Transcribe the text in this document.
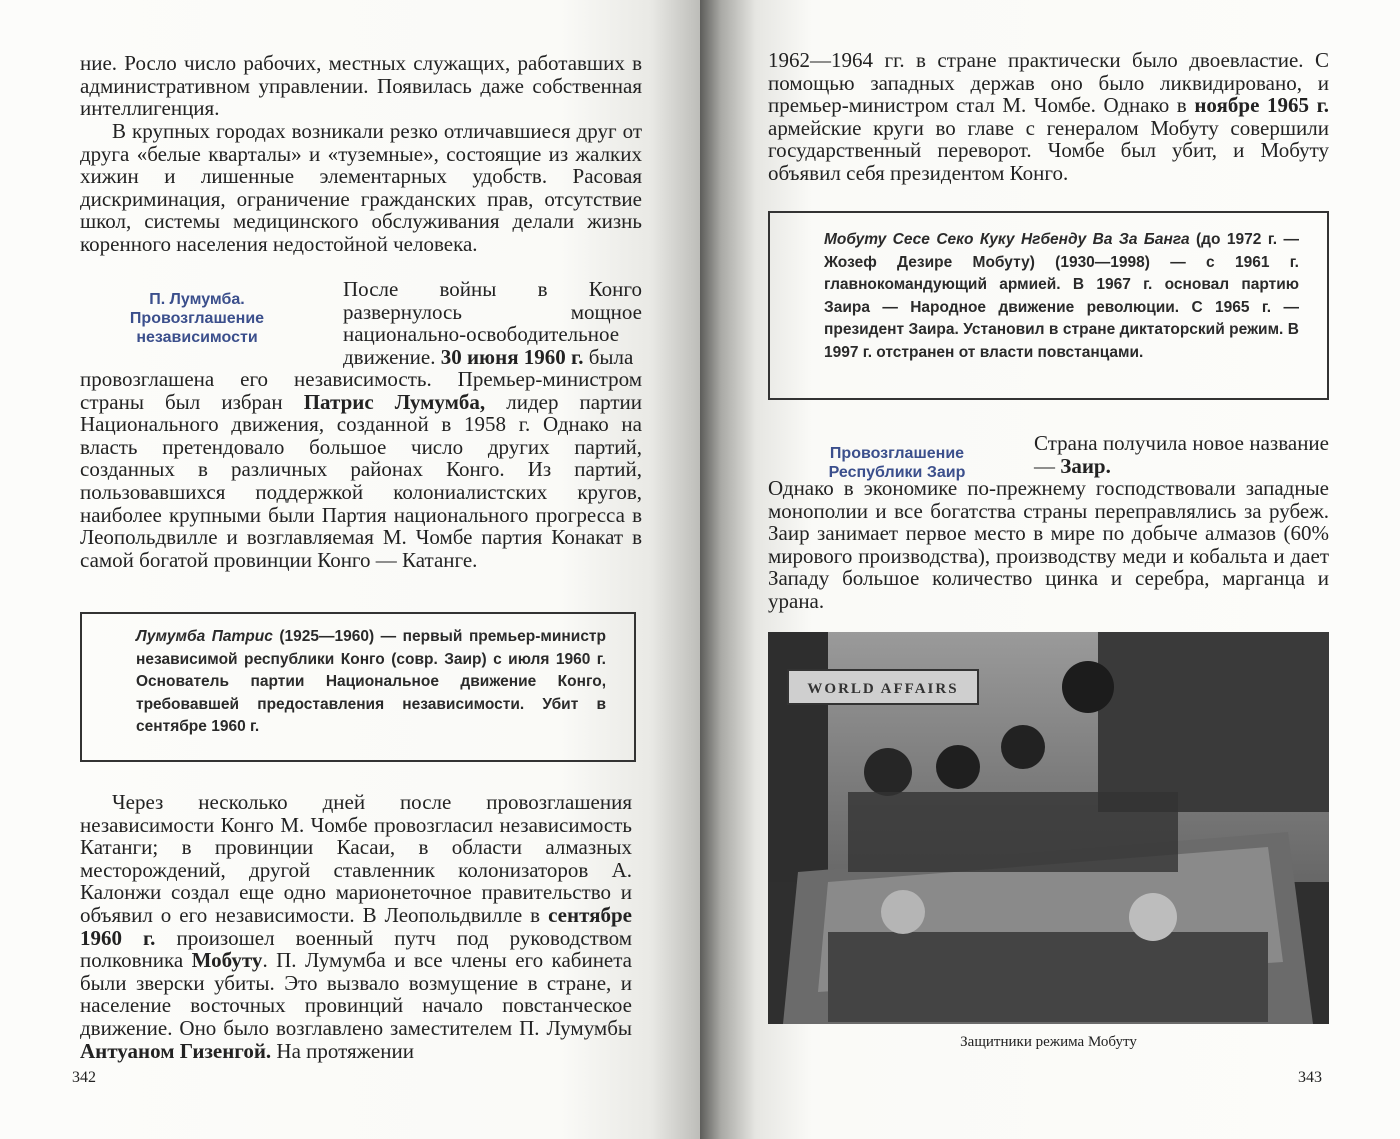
ние. Росло число рабочих, местных служащих, работавших в административном управлении. Появилась даже собственная интеллигенция.

В крупных городах возникали резко отличавшиеся друг от друга «белые кварталы» и «туземные», состоящие из жалких хижин и лишенные элементарных удобств. Расовая дискриминация, ограничение гражданских прав, отсутствие школ, системы медицинского обслуживания делали жизнь коренного населения недостойной человека.

П. Лумумба. Провозглашение независимости

После войны в Конго развернулось мощное национально-освободительное движение. 30 июня 1960 г. была

провозглашена его независимость. Премьер-министром страны был избран Патрис Лумумба, лидер партии Национального движения, созданной в 1958 г. Однако на власть претендовало большое число других партий, созданных в различных районах Конго. Из партий, пользовавшихся поддержкой колониалистских кругов, наиболее крупными были Партия национального прогресса в Леопольдвилле и возглавляемая М. Чомбе партия Конакат в самой богатой провинции Конго — Катанге.

Лумумба Патрис (1925—1960) — первый премьер-министр независимой республики Конго (совр. Заир) с июля 1960 г. Основатель партии Национальное движение Конго, требовавшей предоставления независимости. Убит в сентябре 1960 г.

Через несколько дней после провозглашения независимости Конго М. Чомбе провозгласил независимость Катанги; в провинции Касаи, в области алмазных месторождений, другой ставленник колонизаторов А. Калонжи создал еще одно марионеточное правительство и объявил о его независимости. В Леопольдвилле в сентябре 1960 г. произошел военный путч под руководством полковника Мобуту. П. Лумумба и все члены его кабинета были зверски убиты. Это вызвало возмущение в стране, и население восточных провинций начало повстанческое движение. Оно было возглавлено заместителем П. Лумумбы Антуаном Гизенгой. На протяжении

342

1962—1964 гг. в стране практически было двоевластие. С помощью западных держав оно было ликвидировано, и премьер-министром стал М. Чомбе. Однако в ноябре 1965 г. армейские круги во главе с генералом Мобуту совершили государственный переворот. Чомбе был убит, и Мобуту объявил себя президентом Конго.

Мобуту Сесе Секо Куку Нгбенду Ва За Банга (до 1972 г. — Жозеф Дезире Мобуту) (1930—1998) — с 1961 г. главнокомандующий армией. В 1967 г. основал партию Заира — Народное движение революции. С 1965 г. — президент Заира. Установил в стране диктаторский режим. В 1997 г. отстранен от власти повстанцами.

Провозглашение Республики Заир

Страна получила новое название — Заир.

Однако в экономике по-прежнему господствовали западные монополии и все богатства страны переправлялись за рубеж. Заир занимает первое место в мире по добыче алмазов (60% мирового производства), производству меди и кобальта и дает Западу большое количество цинка и серебра, марганца и урана.

WORLD AFFAIRS

Защитники режима Мобуту

343
